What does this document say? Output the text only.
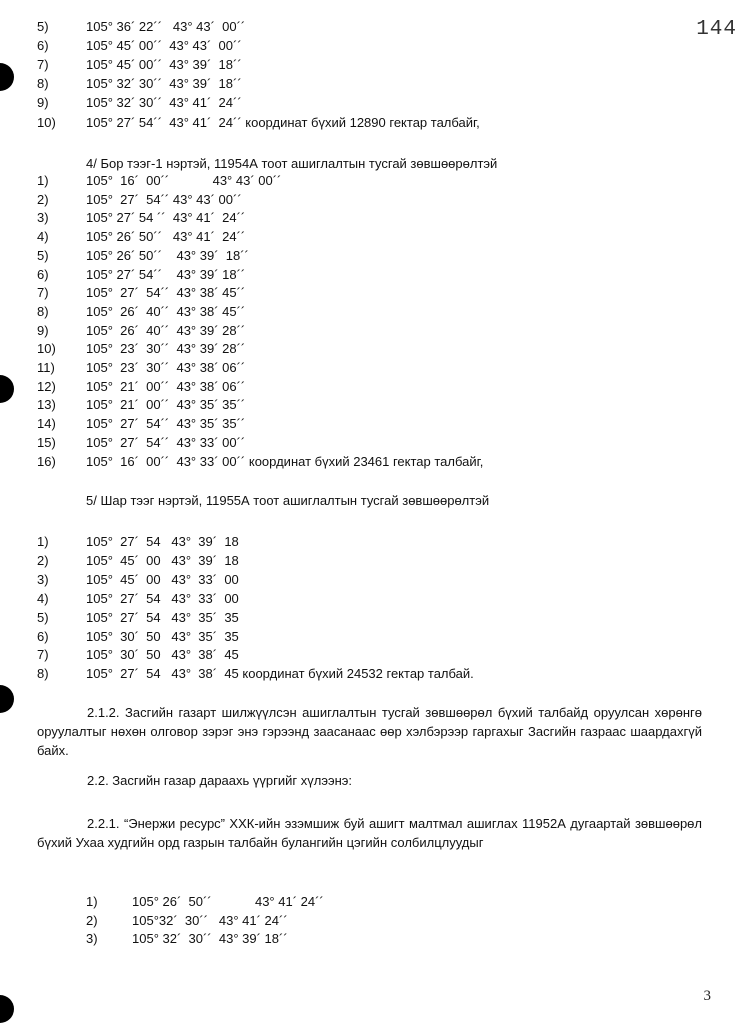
144
5)	105° 36´ 22´´   43° 43´  00´´
6)	105° 45´ 00´´  43° 43´  00´´
7)	105° 45´ 00´´  43° 39´  18´´
8)	105° 32´ 30´´  43° 39´  18´´
9)	105° 32´ 30´´  43° 41´  24´´
10) 105° 27´ 54´´  43° 41´  24´´ координат бүхий 12890 гектар талбайг,
4/ Бор тээг-1 нэртэй, 11954А тоот ашиглалтын тусгай зөвшөөрөлтэй
1)	105°  16´  00´´            43° 43´ 00´´
2)	105°  27´  54´´ 43° 43´ 00´´
3)	105° 27´ 54 ´´  43° 41´  24´´
4)	105° 26´ 50´´   43° 41´  24´´
5)	105° 26´ 50´´    43° 39´  18´´
6)	105° 27´ 54´´    43° 39´ 18´´
7)	105°  27´  54´´  43° 38´ 45´´
8)	105°  26´  40´´  43° 38´ 45´´
9)	105°  26´  40´´  43° 39´ 28´´
10) 105°  23´  30´´  43° 39´ 28´´
11) 105°  23´  30´´  43° 38´ 06´´
12) 105°  21´  00´´  43° 38´ 06´´
13) 105°  21´  00´´  43° 35´ 35´´
14) 105°  27´  54´´  43° 35´ 35´´
15) 105°  27´  54´´  43° 33´ 00´´
16) 105°  16´  00´´  43° 33´ 00´´ координат бүхий 23461 гектар талбайг,
5/ Шар тээг нэртэй, 11955А тоот ашиглалтын тусгай зөвшөөрөлтэй
1)	105°  27´  54   43°  39´  18
2)	105°  45´  00   43°  39´  18
3)	105°  45´  00   43°  33´  00
4)	105°  27´  54   43°  33´  00
5)	105°  27´  54   43°  35´  35
6)	105°  30´  50   43°  35´  35
7)	105°  30´  50   43°  38´  45
8)	105°  27´  54   43°  38´  45 координат бүхий 24532 гектар талбай.
2.1.2. Засгийн газарт шилжүүлсэн ашиглалтын тусгай зөвшөөрөл бүхий талбайд оруулсан хөрөнгө оруулалтыг нөхөн олговор зэрэг энэ гэрээнд заасанаас өөр хэлбэрээр гаргахыг Засгийн газраас шаардахгүй байх.
2.2. Засгийн газар дараахь үүргийг хүлээнэ:
2.2.1. “Энержи ресурс” ХХК-ийн эзэмшиж буй ашигт малтмал ашиглах 11952А дугаартай зөвшөөрөл бүхий Ухаа худгийн орд газрын талбайн булангийн цэгийн солбилцлуудыг
1)	105° 26´  50´´            43° 41´ 24´´
2)	105°32´  30´´   43° 41´ 24´´
3)	105° 32´  30´´  43° 39´ 18´´
3
